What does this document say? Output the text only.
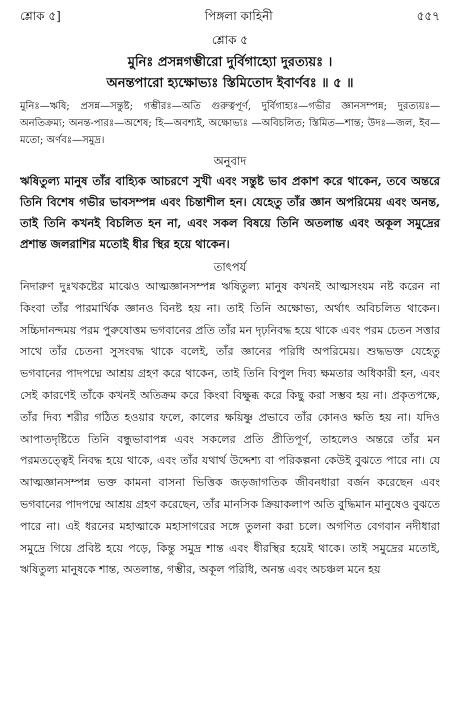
শ্লোক ৫]	পিঙ্গলা কাহিনী	৫৫৭
শ্লোক ৫

মুনিঃ প্রসন্নগম্ভীরো দুর্বিগাহ্যো দুরত্যয়ঃ ।

অনন্তপারো হ্যক্ষোভ্যঃ স্তিমিতোদ ইবার্ণবঃ ॥ ৫ ॥

মুনিঃ—ঋষি; প্রসন্ন—সন্তুষ্ট; গম্ভীরঃ—অতি গুরুত্বপূর্ণ, দুর্বিগাহ্যঃ—গভীর জ্ঞানসম্পন্ন; দুরত্যয়ঃ—অনতিক্রম্য; অনন্ত-পারঃ—অশেষ; হি—অবশ্যই, অক্ষোভ্যঃ —অবিচলিত; স্তিমিত—শান্ত; উদঃ—জল, ইব—মতো; অর্ণবঃ—সমুদ্র।

অনুবাদ

ঋষিতুল্য মানুষ তাঁর বাহ্যিক আচরণে সুখী এবং সন্তুষ্ট ভাব প্রকাশ করে থাকেন, তবে অন্তরে তিনি বিশেষ গভীর ভাবসম্পন্ন এবং চিন্তাশীল হন। যেহেতু তাঁর জ্ঞান অপরিমেয় এবং অনন্ত, তাই তিনি কখনই বিচলিত হন না, এবং সকল বিষয়ে তিনি অতলান্ত এবং অকূল সমুদ্রের প্রশান্ত জলরাশির মতোই ধীর স্থির হয়ে থাকেন।

তাৎপর্য

নিদারুণ দুঃখকষ্টের মাঝেও আত্মজ্ঞানসম্পন্ন ঋষিতুল্য মানুষ কখনই আত্মসংযম নষ্ট করেন না কিংবা তাঁর পারমার্থিক জ্ঞানও বিনষ্ট হয় না। তাই তিনি অক্ষোভ্য, অর্থাৎ অবিচলিত থাকেন। সচ্চিদানন্দময় পরম পুরুষোত্তম ভগবানের প্রতি তাঁর মন দৃঢ়নিবদ্ধ হয়ে থাকে এবং পরম চেতন সত্তার সাথে তাঁর চেতনা সুসংবদ্ধ থাকে বলেই, তাঁর জ্ঞানের পরিধি অপরিমেয়। শুদ্ধভক্ত যেহেতু ভগবানের পাদপদ্মে আশ্রয় গ্রহণ করে থাকেন, তাই তিনি বিপুল দিব্য ক্ষমতার অধিকারী হন, এবং সেই কারণেই তাঁকে কখনই অতিক্রম করে কিংবা বিক্ষুব্ধ করে কিছু করা সম্ভব হয় না। প্রকৃতপক্ষে, তাঁর দিব্য শরীর গঠিত হওয়ার ফলে, কালের ক্ষয়িষ্ণু প্রভাবে তাঁর কোনও ক্ষতি হয় না। যদিও আপাতদৃষ্টিতে তিনি বন্ধুভাবাপন্ন এবং সকলের প্রতি প্রীতিপূর্ণ, তাহলেও অন্তরে তাঁর মন পরমতত্ত্বেই নিবদ্ধ হয়ে থাকে, এবং তাঁর যথার্থ উদ্দেশ্য বা পরিকল্পনা কেউই বুঝতে পারে না। যে আত্মজ্ঞানসম্পন্ন ভক্ত কামনা বাসনা ভিত্তিক জড়জাগতিক জীবনধারা বর্জন করেছেন এবং ভগবানের পাদপদ্মে আশ্রয় গ্রহণ করেছেন, তাঁর মানসিক ক্রিয়াকলাপ অতি বুদ্ধিমান মানুষেও বুঝতে পারে না। এই ধরনের মহাত্মাকে মহাসাগরের সঙ্গে তুলনা করা চলে। অগণিত বেগবান নদীধারা সমুদ্রে গিয়ে প্রবিষ্ট হয়ে পড়ে, কিন্তু সমুদ্র শান্ত এবং ধীরস্থির হয়েই থাকে। তাই সমুদ্রের মতোই, ঋষিতুল্য মানুষকে শান্ত, অতলান্ত, গম্ভীর, অকূল পরিধি, অনন্ত এবং অচঞ্চল মনে হয়
